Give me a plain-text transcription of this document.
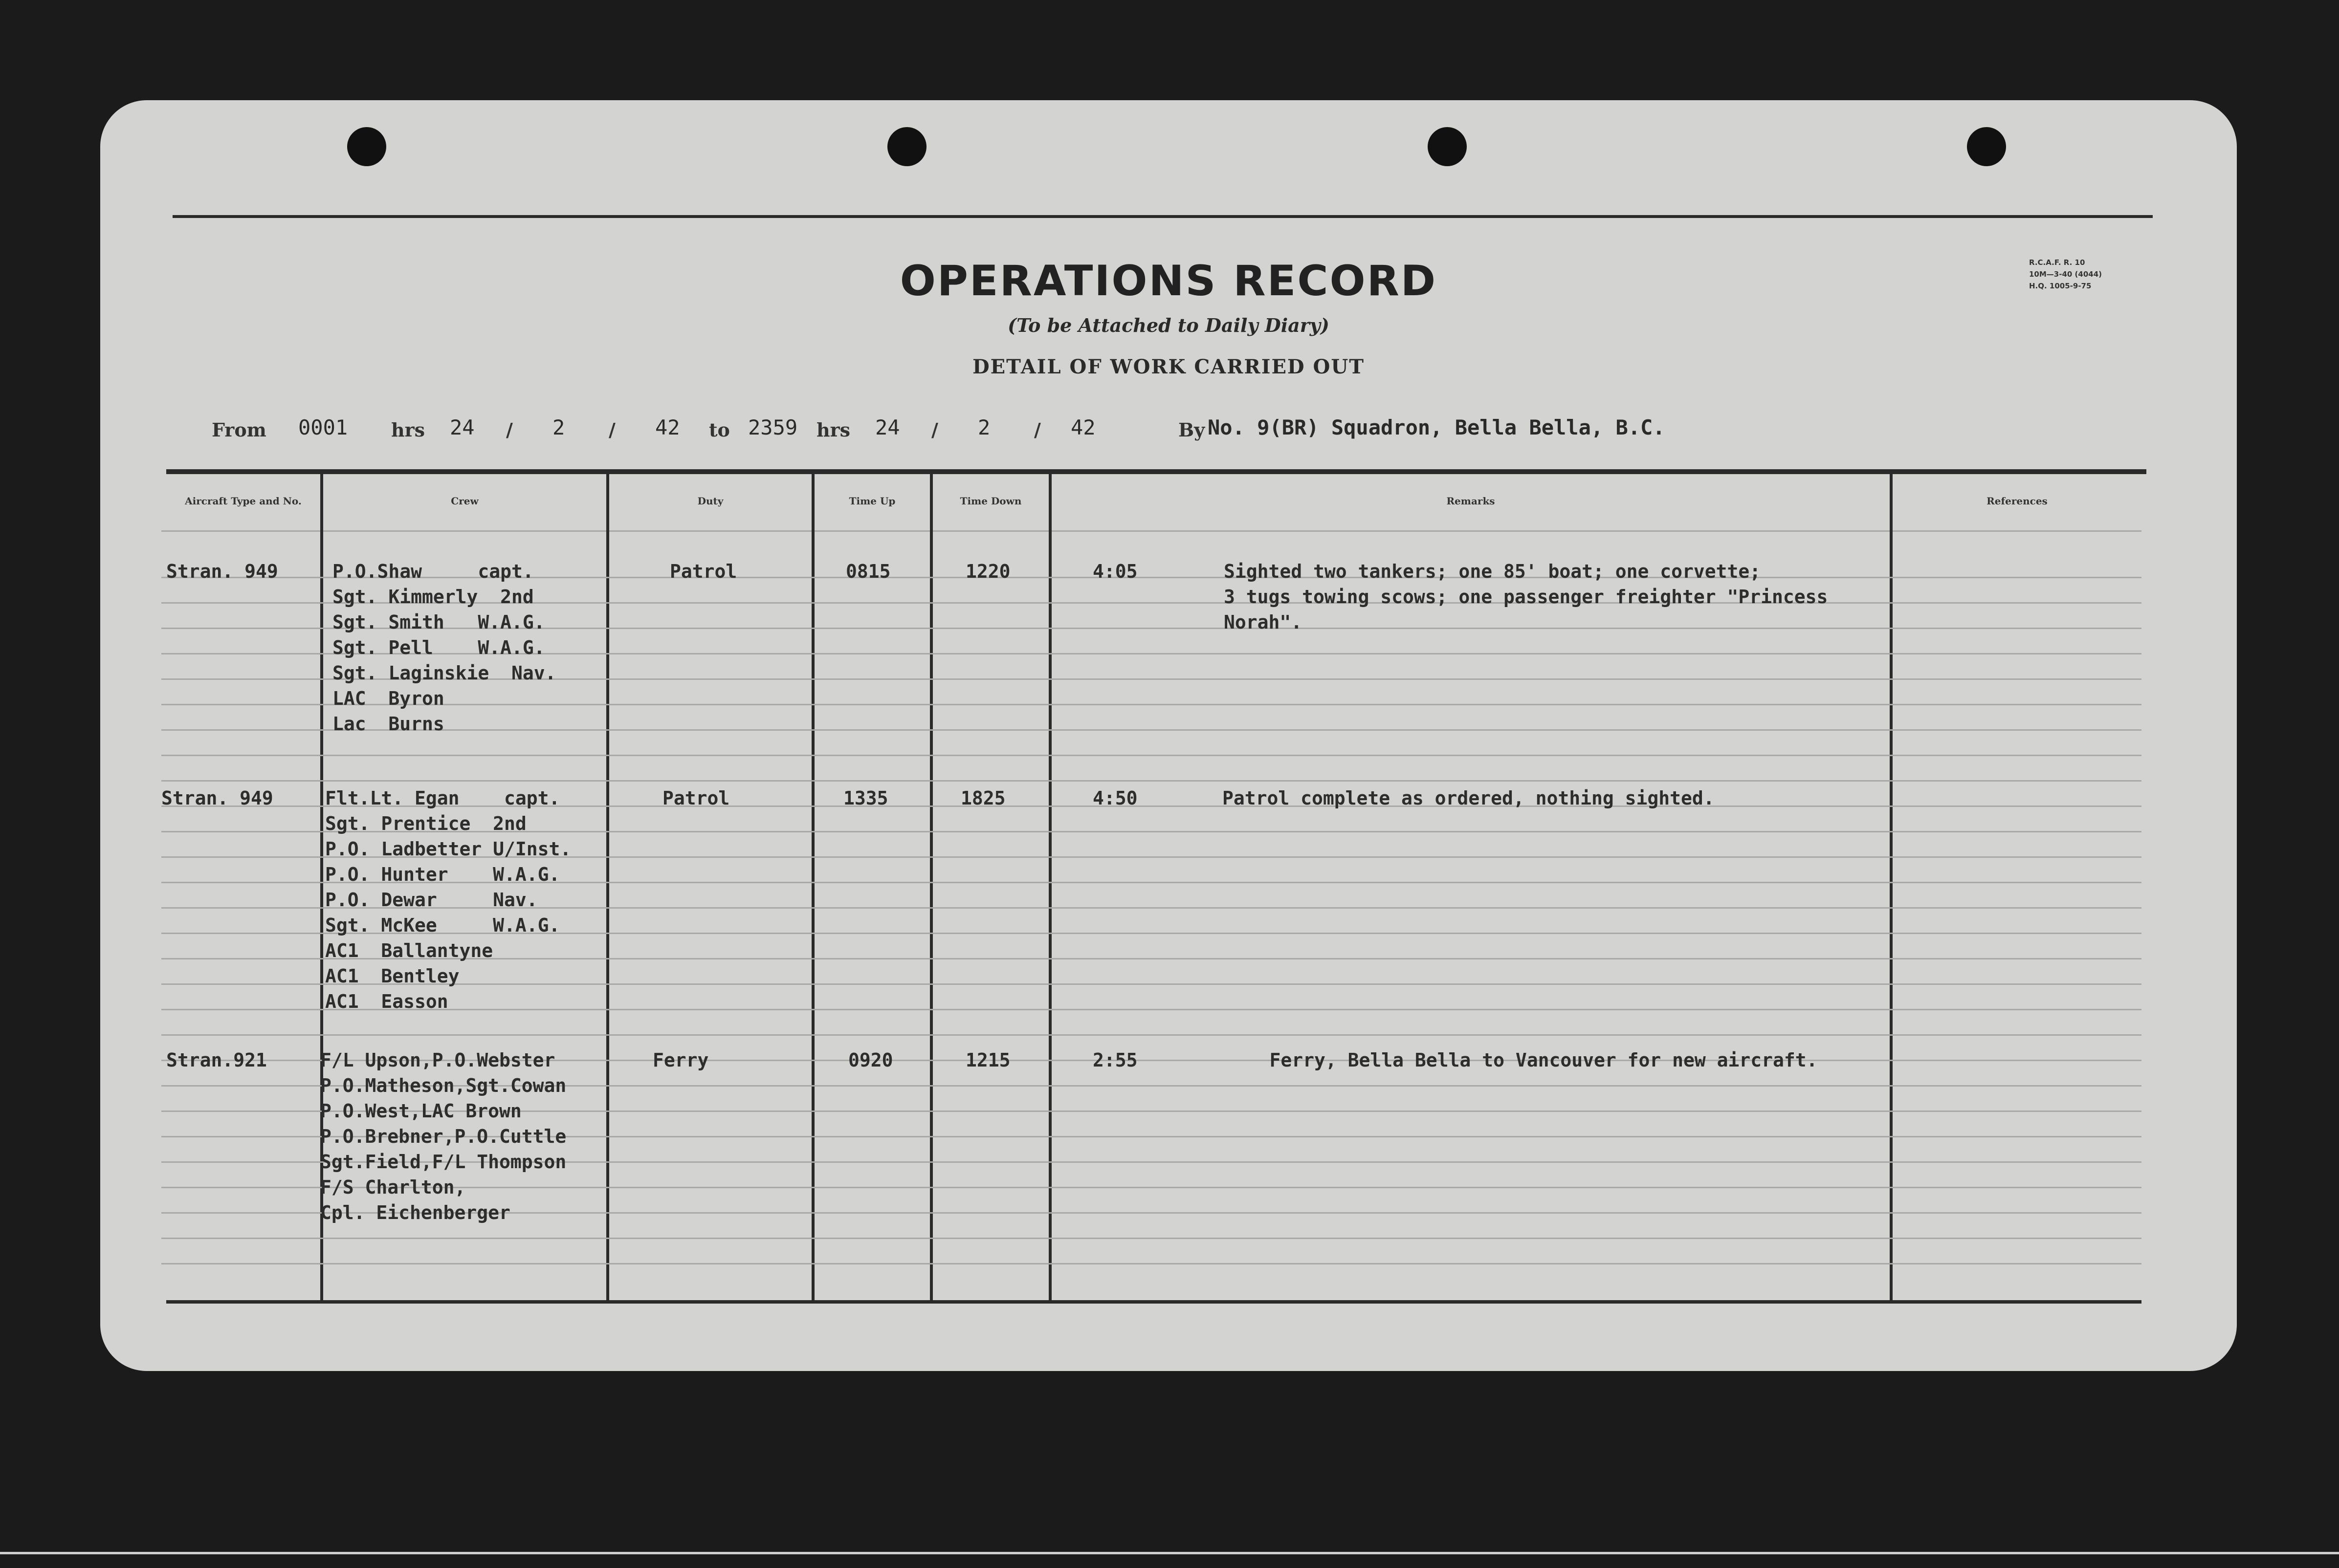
OPERATIONS RECORD
(To be Attached to Daily Diary)
DETAIL OF WORK CARRIED OUT
R.C.A.F. R. 10
10M—3-40 (4044)
H.Q. 1005-9-75
From 0001 hrs 24 / 2 / 42 to 2359 hrs 24 / 2 / 42	By No. 9(BR) Squadron, Bella Bella, B.C.
Aircraft Type and No.	Crew	Duty	Time Up	Time Down	Remarks	References
Stran. 949	P.O.Shaw     capt.
Sgt. Kimmerly  2nd
Sgt. Smith   W.A.G.
Sgt. Pell    W.A.G.
Sgt. Laginskie  Nav.
LAC  Byron
Lac  Burns
Patrol	0815	1220	4:05	Sighted two tankers; one 85' boat; one corvette;
3 tugs towing scows; one passenger freighter "Princess
Norah".
Stran. 949	Flt.Lt. Egan    capt.
Sgt. Prentice  2nd
P.O. Ladbetter U/Inst.
P.O. Hunter    W.A.G.
P.O. Dewar     Nav.
Sgt. McKee     W.A.G.
AC1  Ballantyne
AC1  Bentley
AC1  Easson
Patrol	1335	1825	4:50	Patrol complete as ordered, nothing sighted.
Stran.921	F/L Upson,P.O.Webster
P.O.Matheson,Sgt.Cowan
P.O.West,LAC Brown
P.O.Brebner,P.O.Cuttle
Sgt.Field,F/L Thompson
F/S Charlton,
Cpl. Eichenberger
Ferry	0920	1215	2:55	Ferry, Bella Bella to Vancouver for new aircraft.
